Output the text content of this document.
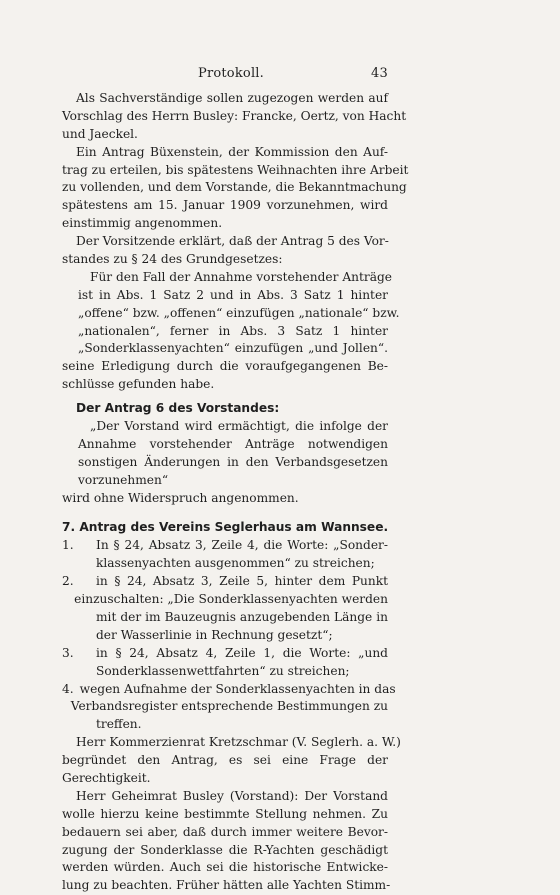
Protokoll.	43
Als Sachverständige sollen zugezogen werden auf
Vorschlag des Herrn Busley: Francke, Oertz, von Hacht
und Jaeckel.
Ein Antrag Büxenstein, der Kommission den Auf-
trag zu erteilen, bis spätestens Weihnachten ihre Arbeit
zu vollenden, und dem Vorstande, die Bekanntmachung
spätestens am 15. Januar 1909 vorzunehmen, wird
einstimmig angenommen.
Der Vorsitzende erklärt, daß der Antrag 5 des Vor-
standes zu § 24 des Grundgesetzes:
Für den Fall der Annahme vorstehender Anträge
ist in Abs. 1 Satz 2 und in Abs. 3 Satz 1 hinter
„offene“ bzw. „offenen“ einzufügen „nationale“ bzw.
„nationalen“, ferner in Abs. 3 Satz 1 hinter
„Sonderklassenyachten“ einzufügen „und Jollen“.
seine Erledigung durch die voraufgegangenen Be-
schlüsse gefunden habe.
Der Antrag 6 des Vorstandes:
„Der Vorstand wird ermächtigt, die infolge der
Annahme vorstehender Anträge notwendigen
sonstigen Änderungen in den Verbandsgesetzen
vorzunehmen“
wird ohne Widerspruch angenommen.
7. Antrag des Vereins Seglerhaus am Wannsee.
1.	In § 24, Absatz 3, Zeile 4, die Worte: „Sonder-
klassenyachten ausgenommen“ zu streichen;
2.	in § 24, Absatz 3, Zeile 5, hinter dem Punkt
einzuschalten: „Die Sonderklassenyachten werden
mit der im Bauzeugnis anzugebenden Länge in
der Wasserlinie in Rechnung gesetzt“;
3.	in § 24, Absatz 4, Zeile 1, die Worte: „und
Sonderklassenwettfahrten“ zu streichen;
4. wegen Aufnahme der Sonderklassenyachten in das
Verbandsregister entsprechende Bestimmungen zu
treffen.
Herr Kommerzienrat Kretzschmar (V. Seglerh. a. W.)
begründet den Antrag, es sei eine Frage der
Gerechtigkeit.
Herr Geheimrat Busley (Vorstand): Der Vorstand
wolle hierzu keine bestimmte Stellung nehmen. Zu
bedauern sei aber, daß durch immer weitere Bevor-
zugung der Sonderklasse die R-Yachten geschädigt
werden würden. Auch sei die historische Entwicke-
lung zu beachten. Früher hätten alle Yachten Stimm-
